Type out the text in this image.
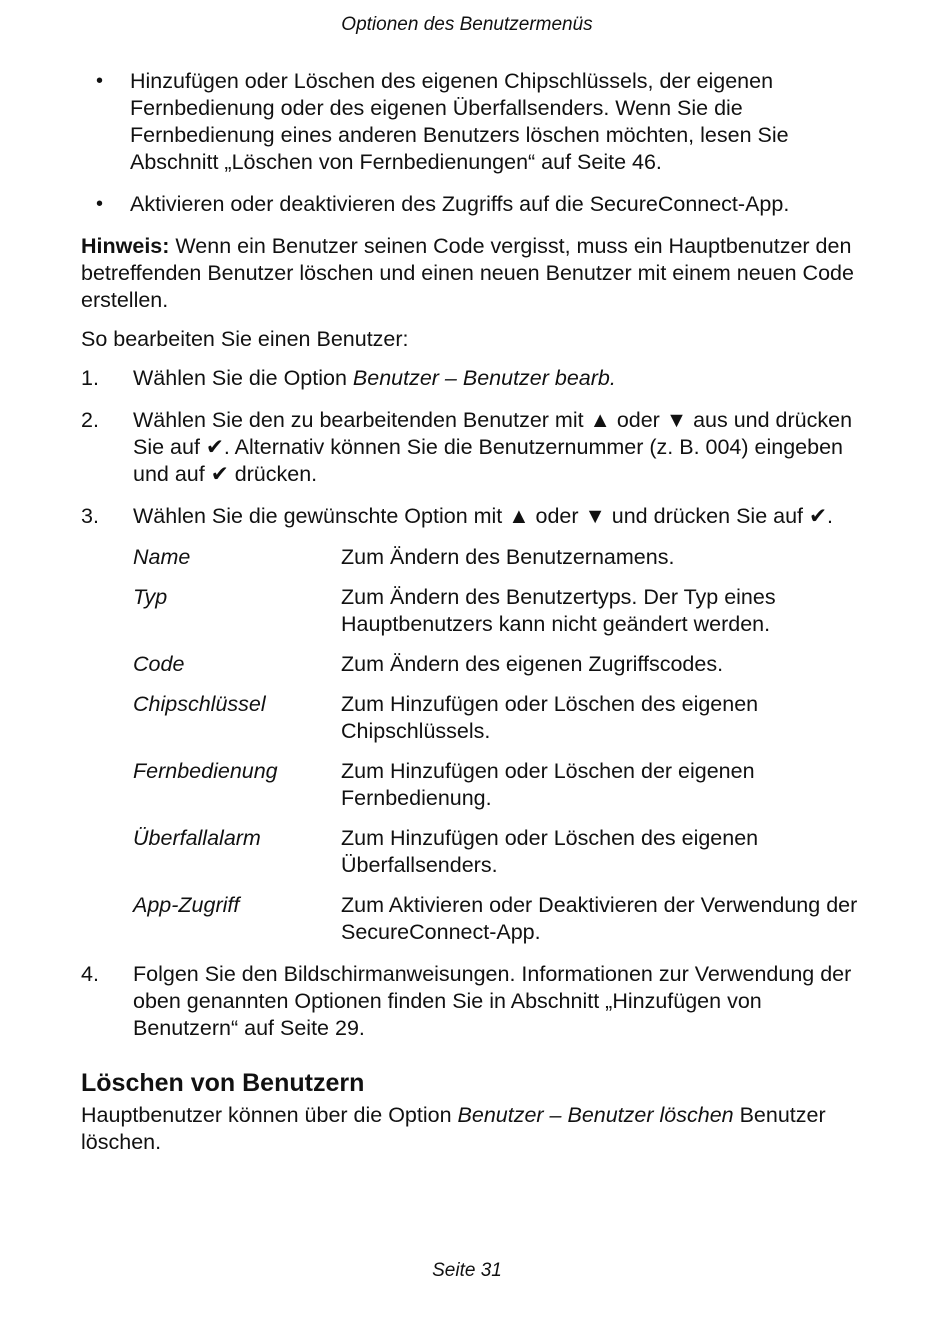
Optionen des Benutzermenüs
• Hinzufügen oder Löschen des eigenen Chipschlüssels, der eigenen Fernbedienung oder des eigenen Überfallsenders. Wenn Sie die Fernbedienung eines anderen Benutzers löschen möchten, lesen Sie Abschnitt „Löschen von Fernbedienungen“ auf Seite 46.
• Aktivieren oder deaktivieren des Zugriffs auf die SecureConnect-App.

Hinweis: Wenn ein Benutzer seinen Code vergisst, muss ein Hauptbenutzer den betreffenden Benutzer löschen und einen neuen Benutzer mit einem neuen Code erstellen.

So bearbeiten Sie einen Benutzer:

1. Wählen Sie die Option Benutzer – Benutzer bearb.
2. Wählen Sie den zu bearbeitenden Benutzer mit ▲ oder ▼ aus und drücken Sie auf ✔. Alternativ können Sie die Benutzernummer (z. B. 004) eingeben und auf ✔ drücken.
3. Wählen Sie die gewünschte Option mit ▲ oder ▼ und drücken Sie auf ✔.
Name	Zum Ändern des Benutzernamens.
Typ	Zum Ändern des Benutzertyps. Der Typ eines Hauptbenutzers kann nicht geändert werden.
Code	Zum Ändern des eigenen Zugriffscodes.
Chipschlüssel	Zum Hinzufügen oder Löschen des eigenen Chipschlüssels.
Fernbedienung	Zum Hinzufügen oder Löschen der eigenen Fernbedienung.
Überfallalarm	Zum Hinzufügen oder Löschen des eigenen Überfallsenders.
App-Zugriff	Zum Aktivieren oder Deaktivieren der Verwendung der SecureConnect-App.
4. Folgen Sie den Bildschirmanweisungen. Informationen zur Verwendung der oben genannten Optionen finden Sie in Abschnitt „Hinzufügen von Benutzern“ auf Seite 29.
Löschen von Benutzern

Hauptbenutzer können über die Option Benutzer – Benutzer löschen Benutzer löschen.

Seite 31
